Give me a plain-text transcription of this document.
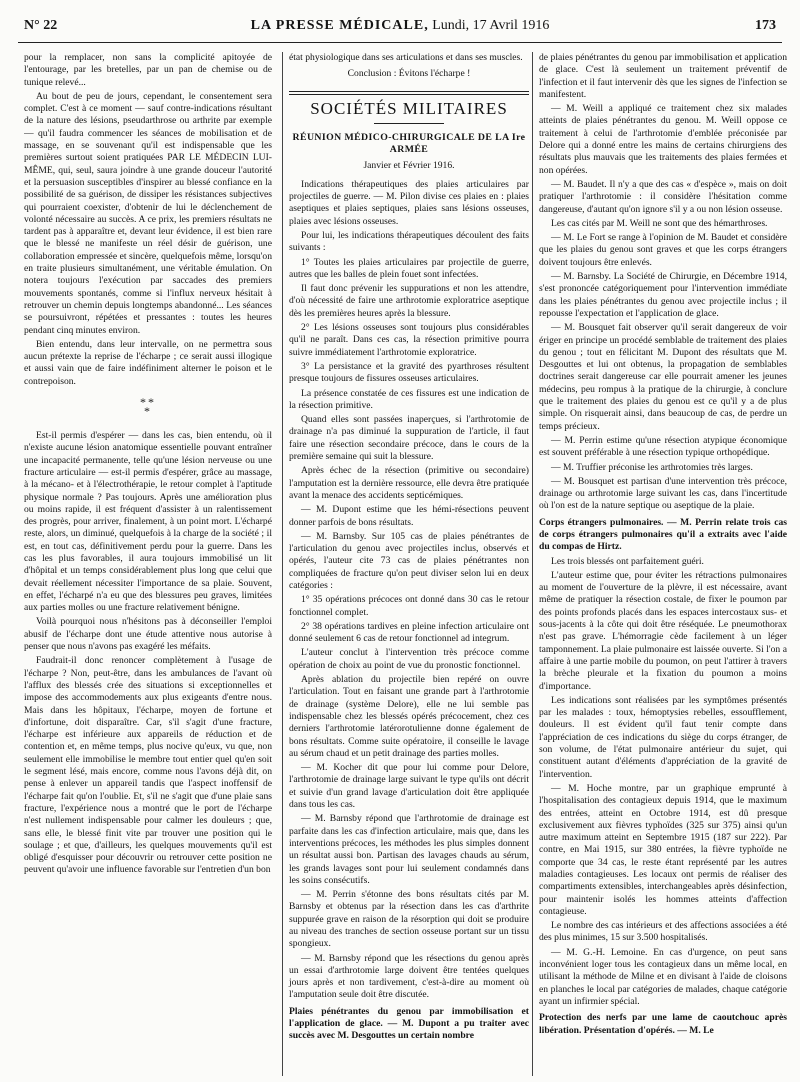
N° 22	LA PRESSE MÉDICALE, Lundi, 17 Avril 1916	173

pour la remplacer, non sans la complicité apitoyée de l'entourage, par les bretelles, par un pan de chemise ou de tunique relevé...

Au bout de peu de jours, cependant, le consentement sera complet. C'est à ce moment — sauf contre-indications résultant de la nature des lésions, pseudarthrose ou arthrite par exemple — qu'il faudra commencer les séances de mobilisation et de massage, en se souvenant qu'il est indispensable que les premières surtout soient pratiquées PAR LE MÉDECIN LUI-MÊME, qui, seul, saura joindre à une grande douceur l'autorité et la persuasion susceptibles d'inspirer au blessé confiance en la possibilité de sa guérison, de dissiper les résistances subjectives qui pourraient coexister, d'obtenir de lui le déclenchement de volonté nécessaire au succès. A ce prix, les premiers résultats ne tardent pas à apparaître et, devant leur évidence, il est bien rare que le blessé ne manifeste un réel désir de guérison, une collaboration empressée et sincère, quelquefois même, lorsqu'on en traite plusieurs simultanément, une véritable émulation. On notera toujours l'exécution par saccades des premiers mouvements spontanés, comme si l'influx nerveux hésitait à retrouver un chemin depuis longtemps abandonné... Les séances se poursuivront, répétées et pressantes : toutes les heures pendant cinq minutes environ.

Bien entendu, dans leur intervalle, on ne permettra sous aucun prétexte la reprise de l'écharpe ; ce serait aussi illogique et aussi vain que de faire indéfiniment alterner le poison et le contrepoison.

**
*

Est-il permis d'espérer — dans les cas, bien entendu, où il n'existe aucune lésion anatomique essentielle pouvant entraîner une incapacité permanente, telle qu'une lésion nerveuse ou une fracture articulaire — est-il permis d'espérer, grâce au massage, à la mécano- et à l'électrothérapie, le retour complet à l'aptitude physique normale ? Pas toujours. Après une amélioration plus ou moins rapide, il est fréquent d'assister à un ralentissement des progrès, pour arriver, finalement, à un point mort. L'écharpé reste, alors, un diminué, quelquefois à la charge de la société ; il est, en tout cas, définitivement perdu pour la guerre. Dans les cas les plus favorables, il aura toujours immobilisé un lit d'hôpital et un temps considérablement plus long que celui que devait réellement nécessiter l'importance de sa plaie. Souvent, en effet, l'écharpé n'a eu que des blessures peu graves, limitées aux parties molles ou une fracture relativement bénigne.

Voilà pourquoi nous n'hésitons pas à déconseiller l'emploi abusif de l'écharpe dont une étude attentive nous autorise à penser que nous n'avons pas exagéré les méfaits.

Faudrait-il donc renoncer complètement à l'usage de l'écharpe ? Non, peut-être, dans les ambulances de l'avant où l'afflux des blessés crée des situations si exceptionnelles et impose des accommodements aux plus exigeants d'entre nous. Mais dans les hôpitaux, l'écharpe, moyen de fortune et d'infortune, doit disparaître. Car, s'il s'agit d'une fracture, l'écharpe est inférieure aux appareils de réduction et de contention et, en même temps, plus nocive qu'eux, vu que, non seulement elle immobilise le membre tout entier quel qu'en soit le segment lésé, mais encore, comme nous l'avons déjà dit, on pense à enlever un appareil tandis que l'aspect inoffensif de l'écharpe fait qu'on l'oublie. Et, s'il ne s'agit que d'une plaie sans fracture, l'expérience nous a montré que le port de l'écharpe n'est nullement indispensable pour calmer les douleurs ; que, sans elle, le blessé finit vite par trouver une position qui le soulage ; et que, d'ailleurs, les quelques mouvements qu'il est obligé d'esquisser pour découvrir ou retrouver cette position ne peuvent qu'avoir une influence favorable sur l'entretien d'un bon

état physiologique dans ses articulations et dans ses muscles.

Conclusion : Évitons l'écharpe !

SOCIÉTÉS MILITAIRES

RÉUNION MÉDICO-CHIRURGICALE DE LA Ire ARMÉE

Janvier et Février 1916.

Indications thérapeutiques des plaies articulaires par projectiles de guerre. — M. Pilon divise ces plaies en : plaies aseptiques et plaies septiques, plaies sans lésions osseuses, plaies avec lésions osseuses.

Pour lui, les indications thérapeutiques découlent des faits suivants :

1° Toutes les plaies articulaires par projectile de guerre, autres que les balles de plein fouet sont infectées.

Il faut donc prévenir les suppurations et non les attendre, d'où nécessité de faire une arthrotomie exploratrice aseptique dès les premières heures après la blessure.

2° Les lésions osseuses sont toujours plus considérables qu'il ne paraît. Dans ces cas, la résection primitive pourra suivre immédiatement l'arthrotomie exploratrice.

3° La persistance et la gravité des pyarthroses résultent presque toujours de fissures osseuses articulaires.

La présence constatée de ces fissures est une indication de la résection primitive.

Quand elles sont passées inaperçues, si l'arthrotomie de drainage n'a pas diminué la suppuration de l'article, il faut faire une résection secondaire précoce, dans le cours de la première semaine qui suit la blessure.

Après échec de la résection (primitive ou secondaire) l'amputation est la dernière ressource, elle devra être pratiquée avant la menace des accidents septicémiques.

— M. Dupont estime que les hémi-résections peuvent donner parfois de bons résultats.

— M. Barnsby. Sur 105 cas de plaies pénétrantes de l'articulation du genou avec projectiles inclus, observés et opérés, l'auteur cite 73 cas de plaies pénétrantes non compliquées de fracture qu'on peut diviser selon lui en deux catégories :

1° 35 opérations précoces ont donné dans 30 cas le retour fonctionnel complet.

2° 38 opérations tardives en pleine infection articulaire ont donné seulement 6 cas de retour fonctionnel ad integrum.

L'auteur conclut à l'intervention très précoce comme opération de choix au point de vue du pronostic fonctionnel.

Après ablation du projectile bien repéré on ouvre l'articulation. Tout en faisant une grande part à l'arthrotomie de drainage (système Delore), elle ne lui semble pas indispensable chez les blessés opérés précocement, chez ces derniers l'arthrotomie latérorotulienne donne également de bons résultats. Comme suite opératoire, il conseille le lavage au sérum chaud et un petit drainage des parties molles.

— M. Kocher dit que pour lui comme pour Delore, l'arthrotomie de drainage large suivant le type qu'ils ont décrit et suivie d'un grand lavage d'articulation doit être appliquée dans tous les cas.

— M. Barnsby répond que l'arthrotomie de drainage est parfaite dans les cas d'infection articulaire, mais que, dans les interventions précoces, les méthodes les plus simples donnent un résultat aussi bon. Partisan des lavages chauds au sérum, les grands lavages sont pour lui seulement condamnés dans les soins consécutifs.

— M. Perrin s'étonne des bons résultats cités par M. Barnsby et obtenus par la résection dans les cas d'arthrite suppurée grave en raison de la résorption qui doit se produire au niveau des tranches de section osseuse portant sur un tissu spongieux.

— M. Barnsby répond que les résections du genou après un essai d'arthrotomie large doivent être tentées quelques jours après et non tardivement, c'est-à-dire au moment où l'amputation seule doit être discutée.

Plaies pénétrantes du genou par immobilisation et l'application de glace. — M. Dupont a pu traiter avec succès avec M. Desgouttes un certain nombre

de plaies pénétrantes du genou par immobilisation et application de glace. C'est là seulement un traitement préventif de l'infection et il faut intervenir dès que les signes de l'infection se manifestent.

— M. Weill a appliqué ce traitement chez six malades atteints de plaies pénétrantes du genou. M. Weill oppose ce traitement à celui de l'arthrotomie d'emblée préconisée par Delore qui a donné entre les mains de certains chirurgiens des résultats plus mauvais que les traitements des plaies fermées et non opérées.

— M. Baudet. Il n'y a que des cas « d'espèce », mais on doit pratiquer l'arthrotomie : il considère l'hésitation comme dangereuse, d'autant qu'on ignore s'il y a ou non lésion osseuse.

Les cas cités par M. Weill ne sont que des hémarthroses.

— M. Le Fort se range à l'opinion de M. Baudet et considère que les plaies du genou sont graves et que les corps étrangers doivent toujours être enlevés.

— M. Barnsby. La Société de Chirurgie, en Décembre 1914, s'est prononcée catégoriquement pour l'intervention immédiate dans les plaies pénétrantes du genou avec projectile inclus ; il repousse l'expectation et l'application de glace.

— M. Bousquet fait observer qu'il serait dangereux de voir ériger en principe un procédé semblable de traitement des plaies du genou ; tout en félicitant M. Dupont des résultats que M. Desgouttes et lui ont obtenus, la propagation de semblables doctrines serait dangereuse car elle pourrait amener les jeunes médecins, peu rompus à la pratique de la chirurgie, à conclure que le traitement des plaies du genou est ce qu'il y a de plus simple. On risquerait ainsi, dans beaucoup de cas, de perdre un temps précieux.

— M. Perrin estime qu'une résection atypique économique est souvent préférable à une résection typique orthopédique.

— M. Truffier préconise les arthrotomies très larges.

— M. Bousquet est partisan d'une intervention très précoce, drainage ou arthrotomie large suivant les cas, dans l'incertitude où l'on est de la nature septique ou aseptique de la plaie.

Corps étrangers pulmonaires. — M. Perrin relate trois cas de corps étrangers pulmonaires qu'il a extraits avec l'aide du compas de Hirtz.

Les trois blessés ont parfaitement guéri.

L'auteur estime que, pour éviter les rétractions pulmonaires au moment de l'ouverture de la plèvre, il est nécessaire, avant même de pratiquer la résection costale, de fixer le poumon par des points profonds placés dans les espaces intercostaux sus- et sous-jacents à la côte qui doit être réséquée. Le pneumothorax n'est pas grave. L'hémorragie cède facilement à un léger tamponnement. La plaie pulmonaire est laissée ouverte. Si l'on a affaire à une partie mobile du poumon, on peut l'attirer à travers la brèche pleurale et la fixation du poumon a moins d'importance.

Les indications sont réalisées par les symptômes présentés par les malades : toux, hémoptysies rebelles, essoufflement, douleurs. Il est évident qu'il faut tenir compte dans l'appréciation de ces indications du siège du corps étranger, de son volume, de l'état pulmonaire antérieur du sujet, qui constituent autant d'éléments d'appréciation de la gravité de l'intervention.

— M. Hoche montre, par un graphique emprunté à l'hospitalisation des contagieux depuis 1914, que le maximum des entrées, atteint en Octobre 1914, est dû presque exclusivement aux fièvres typhoïdes (325 sur 375) ainsi qu'un autre maximum atteint en Septembre 1915 (187 sur 222). Par contre, en Mai 1915, sur 380 entrées, la fièvre typhoïde ne comporte que 34 cas, le reste étant représenté par les autres maladies contagieuses. Les locaux ont permis de réaliser des compartiments extensibles, interchangeables après désinfection, pour maintenir isolés les hommes atteints d'affection contagieuse.

Le nombre des cas intérieurs et des affections associées a été des plus minimes, 15 sur 3.500 hospitalisés.

— M. G.-H. Lemoine. En cas d'urgence, on peut sans inconvénient loger tous les contagieux dans un même local, en utilisant la méthode de Milne et en divisant à l'aide de cloisons en planches le local par catégories de malades, chaque catégorie ayant un infirmier spécial.

Protection des nerfs par une lame de caoutchouc après libération. Présentation d'opérés. — M. Le
